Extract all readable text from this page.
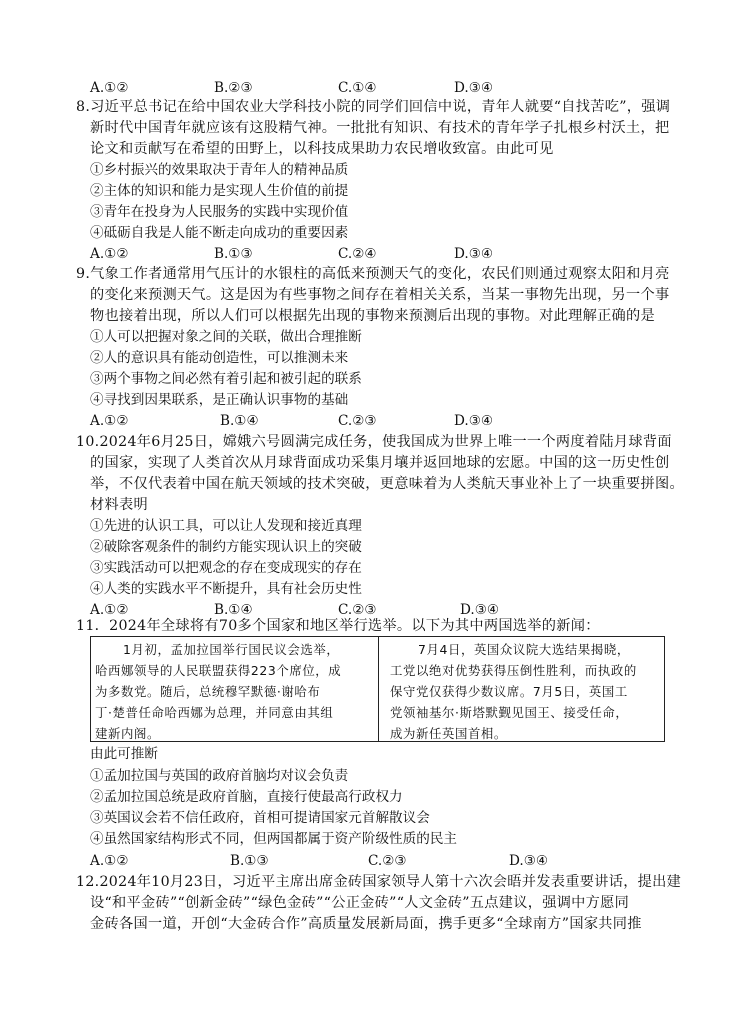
A.①②	B.②③	C.①④	D.③④
8.习近平总书记在给中国农业大学科技小院的同学们回信中说，青年人就要“自找苦吃”，强调
新时代中国青年就应该有这股精气神。一批批有知识、有技术的青年学子扎根乡村沃土，把
论文和贡献写在希望的田野上，以科技成果助力农民增收致富。由此可见
①乡村振兴的效果取决于青年人的精神品质
②主体的知识和能力是实现人生价值的前提
③青年在投身为人民服务的实践中实现价值
④砥砺自我是人能不断走向成功的重要因素
A.①②	B.①③	C.②④	D.③④
9.气象工作者通常用气压计的水银柱的高低来预测天气的变化，农民们则通过观察太阳和月亮
的变化来预测天气。这是因为有些事物之间存在着相关关系，当某一事物先出现，另一个事
物也接着出现，所以人们可以根据先出现的事物来预测后出现的事物。对此理解正确的是
①人可以把握对象之间的关联，做出合理推断
②人的意识具有能动创造性，可以推测未来
③两个事物之间必然有着引起和被引起的联系
④寻找到因果联系，是正确认识事物的基础
A.①②	B.①④	C.②③	D.③④
10.2024年6月25日，嫦娥六号圆满完成任务，使我国成为世界上唯一一个两度着陆月球背面
的国家，实现了人类首次从月球背面成功采集月壤并返回地球的宏愿。中国的这一历史性创
举，不仅代表着中国在航天领域的技术突破，更意味着为人类航天事业补上了一块重要拼图。
材料表明
①先进的认识工具，可以让人发现和接近真理
②破除客观条件的制约方能实现认识上的突破
③实践活动可以把观念的存在变成现实的存在
④人类的实践水平不断提升，具有社会历史性
A.①②	B.①④	C.②③	D.③④
11．2024年全球将有70多个国家和地区举行选举。以下为其中两国选举的新闻：
1月初，孟加拉国举行国民议会选举，
哈西娜领导的人民联盟获得223个席位，成
为多数党。随后，总统穆罕默德·谢哈布
丁·楚普任命哈西娜为总理，并同意由其组
建新内阁。
7月4日，英国众议院大选结果揭晓，
工党以绝对优势获得压倒性胜利，而执政的
保守党仅获得少数议席。7月5日，英国工
党领袖基尔·斯塔默觐见国王、接受任命，
成为新任英国首相。
由此可推断
①孟加拉国与英国的政府首脑均对议会负责
②孟加拉国总统是政府首脑，直接行使最高行政权力
③英国议会若不信任政府，首相可提请国家元首解散议会
④虽然国家结构形式不同，但两国都属于资产阶级性质的民主
A.①②	B.①③	C.②③	D.③④
12.2024年10月23日，习近平主席出席金砖国家领导人第十六次会晤并发表重要讲话，提出建
设“和平金砖”“创新金砖”“绿色金砖”“公正金砖”“人文金砖”五点建议，强调中方愿同
金砖各国一道，开创“大金砖合作”高质量发展新局面，携手更多“全球南方”国家共同推
